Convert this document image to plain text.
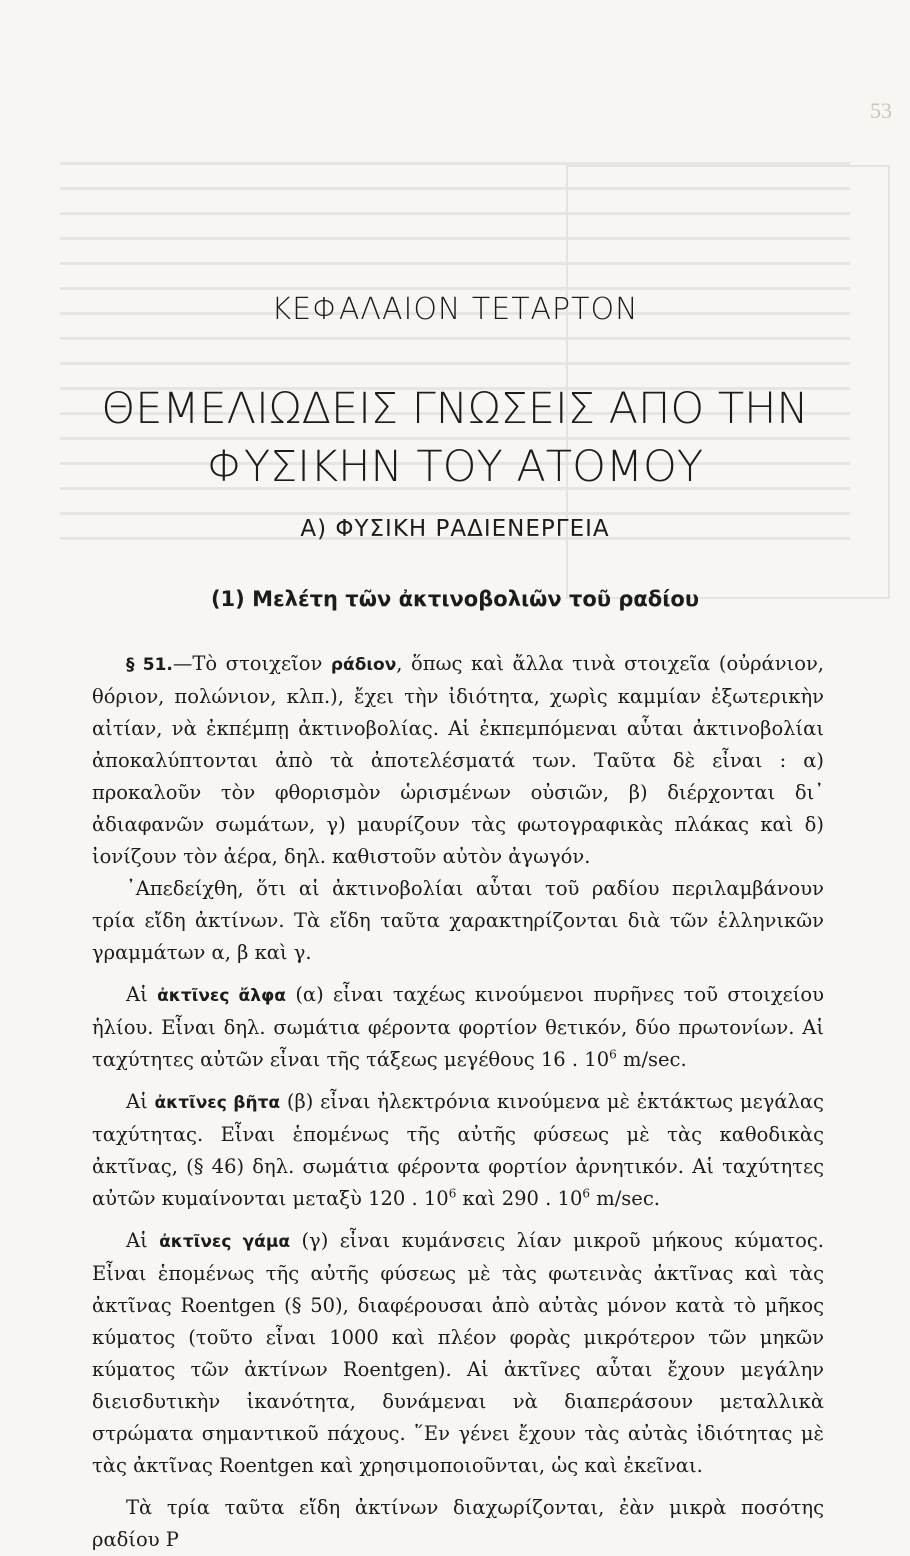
53
ΚΕΦΑΛΑΙΟΝ ΤΕΤΑΡΤΟΝ
ΘΕΜΕΛΙΩΔΕΙΣ ΓΝΩΣΕΙΣ ΑΠΟ ΤΗΝ
ΦΥΣΙΚΗΝ ΤΟΥ ΑΤΟΜΟΥ
Α) ΦΥΣΙΚΗ ΡΑΔΙΕΝΕΡΓΕΙΑ
(1) Μελέτη τῶν ἀκτινοβολιῶν τοῦ ραδίου

§ 51.—Τὸ στοιχεῖον ράδιον, ὅπως καὶ ἄλλα τινὰ στοιχεῖα (οὐράνιον, θόριον, πολώνιον, κλπ.), ἔχει τὴν ἰδιότητα, χωρὶς καμμίαν ἐξωτερικὴν αἰτίαν, νὰ ἐκπέμπῃ ἀκτινοβολίας. Αἱ ἐκπεμπόμεναι αὗται ἀκτινοβολίαι ἀποκαλύπτονται ἀπὸ τὰ ἀποτελέσματά των. Ταῦτα δὲ εἶναι : α) προκαλοῦν τὸν φθορισμὸν ὡρισμένων οὐσιῶν, β) διέρχονται δι᾽ ἀδιαφανῶν σωμάτων, γ) μαυρίζουν τὰς φωτογραφικὰς πλάκας καὶ δ) ἰονίζουν τὸν ἀέρα, δηλ. καθιστοῦν αὐτὸν ἀγωγόν.

᾿Απεδείχθη, ὅτι αἱ ἀκτινοβολίαι αὗται τοῦ ραδίου περιλαμβάνουν τρία εἴδη ἀκτίνων. Τὰ εἴδη ταῦτα χαρακτηρίζονται διὰ τῶν ἑλληνικῶν γραμμάτων α, β καὶ γ.

Αἱ ἀκτῖνες ἄλφα (α) εἶναι ταχέως κινούμενοι πυρῆνες τοῦ στοιχείου ἡλίου. Εἶναι δηλ. σωμάτια φέροντα φορτίον θετικόν, δύο πρωτονίων. Αἱ ταχύτητες αὐτῶν εἶναι τῆς τάξεως μεγέθους 16 . $10^6$ m/sec.

Αἱ ἀκτῖνες βῆτα (β) εἶναι ἠλεκτρόνια κινούμενα μὲ ἐκτάκτως μεγάλας ταχύτητας. Εἶναι ἑπομένως τῆς αὐτῆς φύσεως μὲ τὰς καθοδικὰς ἀκτῖνας, (§ 46) δηλ. σωμάτια φέροντα φορτίον ἀρνητικόν. Αἱ ταχύτητες αὐτῶν κυμαίνονται μεταξὺ 120 . $10^6$ καὶ 290 . $10^6$ m/sec.

Αἱ ἀκτῖνες γάμα (γ) εἶναι κυμάνσεις λίαν μικροῦ μήκους κύματος. Εἶναι ἑπομένως τῆς αὐτῆς φύσεως μὲ τὰς φωτεινὰς ἀκτῖνας καὶ τὰς ἀκτῖνας Roentgen (§ 50), διαφέρουσαι ἀπὸ αὐτὰς μόνον κατὰ τὸ μῆκος κύματος (τοῦτο εἶναι 1000 καὶ πλέον φορὰς μικρότερον τῶν μηκῶν κύματος τῶν ἀκτίνων Roentgen). Αἱ ἀκτῖνες αὗται ἔχουν μεγάλην διεισδυτικὴν ἱκανότητα, δυνάμεναι νὰ διαπεράσουν μεταλλικὰ στρώματα σημαντικοῦ πάχους. ῞Εν γένει ἔχουν τὰς αὐτὰς ἰδιότητας μὲ τὰς ἀκτῖνας Roentgen καὶ χρησιμοποιοῦνται, ὡς καὶ ἐκεῖναι.

Τὰ τρία ταῦτα εἴδη ἀκτίνων διαχωρίζονται, ἐὰν μικρὰ ποσότης ραδίου Ρ
